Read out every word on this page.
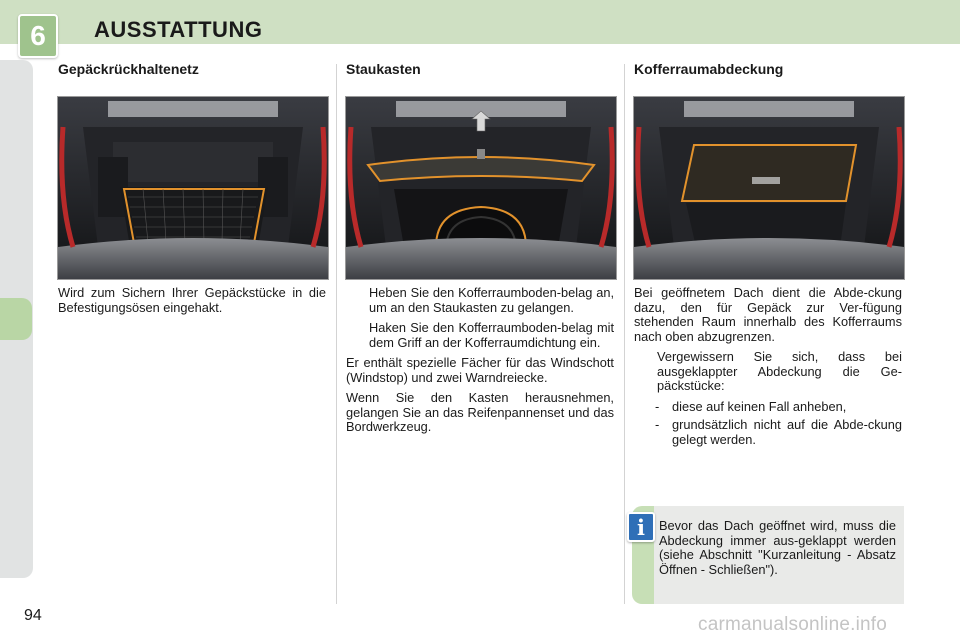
6	AUSSTATTUNG
Gepäckrückhaltenetz	Staukasten	Kofferraumabdeckung

Wird zum Sichern Ihrer Gepäckstücke in die Befestigungsösen eingehakt.

Heben Sie den Kofferraumboden-belag an, um an den Staukasten zu gelangen.
Haken Sie den Kofferraumboden-belag mit dem Griff an der Kofferraumdichtung ein.

Er enthält spezielle Fächer für das Windschott (Windstop) und zwei Warndreiecke.

Wenn Sie den Kasten herausnehmen, gelangen Sie an das Reifenpannenset und das Bordwerkzeug.

Bei geöffnetem Dach dient die Abde-ckung dazu, den für Gepäck zur Ver-fügung stehenden Raum innerhalb des Kofferraums nach oben abzugrenzen.

Vergewissern Sie sich, dass bei ausgeklappter Abdeckung die Ge-päckstücke:
- diese auf keinen Fall anheben,
- grundsätzlich nicht auf die Abde-ckung gelegt werden.
i	Bevor das Dach geöffnet wird, muss die Abdeckung immer aus-geklappt werden (siehe Abschnitt "Kurzanleitung - Absatz Öffnen - Schließen").
94	carmanualsonline.info
